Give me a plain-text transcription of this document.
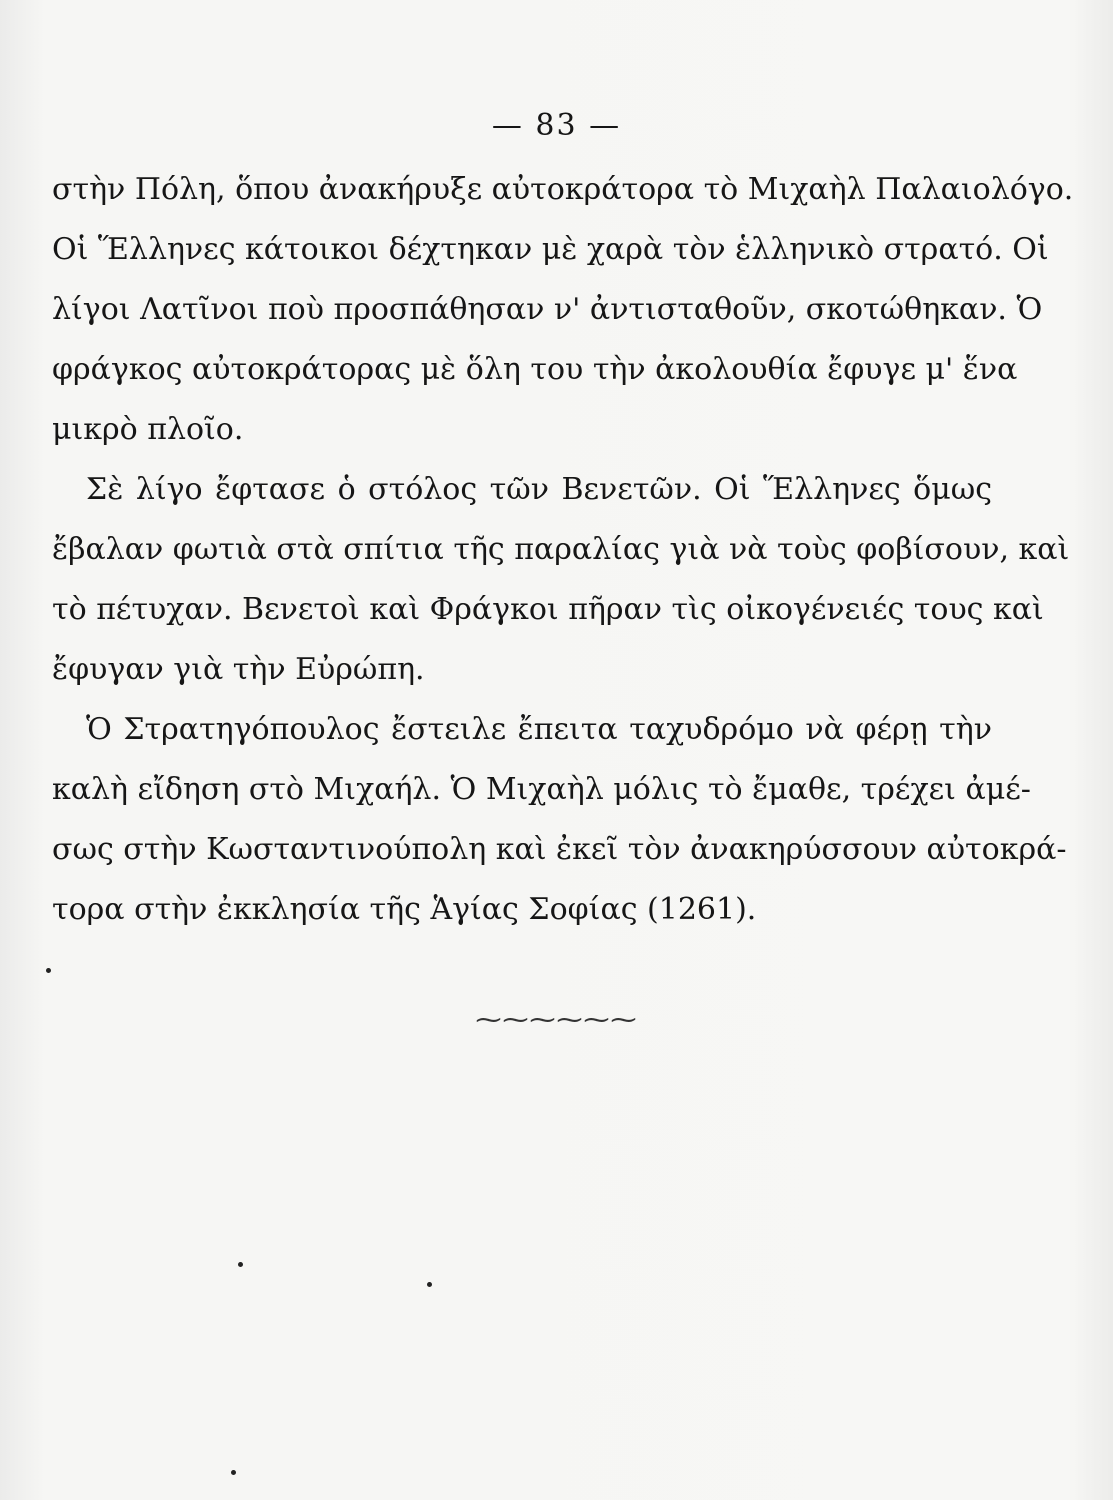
— 83 —
στὴν Πόλη, ὅπου ἀνακήρυξε αὐτοκράτορα τὸ Μιχαὴλ Παλαιολόγο.
Οἱ Ἕλληνες κάτοικοι δέχτηκαν μὲ χαρὰ τὸν ἑλληνικὸ στρατό. Οἱ
λίγοι Λατῖνοι ποὺ προσπάθησαν ν' ἀντισταθοῦν, σκοτώθηκαν. Ὁ
φράγκος αὐτοκράτορας μὲ ὅλη του τὴν ἀκολουθία ἔφυγε μ' ἕνα
μικρὸ πλοῖο.
Σὲ λίγο ἔφτασε ὁ στόλος τῶν Βενετῶν. Οἱ Ἕλληνες ὅμως
ἔβαλαν φωτιὰ στὰ σπίτια τῆς παραλίας γιὰ νὰ τοὺς φοβίσουν, καὶ
τὸ πέτυχαν. Βενετοὶ καὶ Φράγκοι πῆραν τὶς οἰκογένειές τους καὶ
ἔφυγαν γιὰ τὴν Εὐρώπη.
Ὁ Στρατηγόπουλος ἔστειλε ἔπειτα ταχυδρόμο νὰ φέρῃ τὴν
καλὴ εἴδηση στὸ Μιχαήλ. Ὁ Μιχαὴλ μόλις τὸ ἔμαθε, τρέχει ἀμέ-
σως στὴν Κωσταντινούπολη καὶ ἐκεῖ τὸν ἀνακηρύσσουν αὐτοκρά-
τορα στὴν ἐκκλησία τῆς Ἁγίας Σοφίας (1261).
⁓⁓⁓⁓⁓⁓
